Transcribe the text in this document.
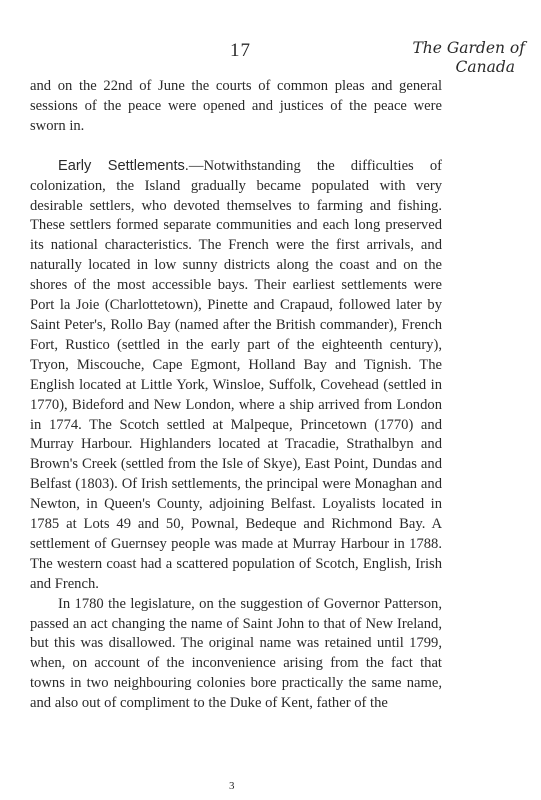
17	The Garden of

Canada

and on the 22nd of June the courts of common pleas and general sessions of the peace were opened and justices of the peace were sworn in.

Early Settlements.—Notwithstanding the difficulties of colonization, the Island gradually became populated with very desirable settlers, who devoted themselves to farming and fishing. These settlers formed separate communities and each long preserved its national characteristics. The French were the first arrivals, and naturally located in low sunny districts along the coast and on the shores of the most accessible bays. Their earliest settlements were Port la Joie (Charlottetown), Pinette and Crapaud, followed later by Saint Peter's, Rollo Bay (named after the British commander), French Fort, Rustico (settled in the early part of the eighteenth century), Tryon, Miscouche, Cape Egmont, Holland Bay and Tignish. The English located at Little York, Winsloe, Suffolk, Covehead (settled in 1770), Bideford and New London, where a ship arrived from London in 1774. The Scotch settled at Malpeque, Princetown (1770) and Murray Harbour. Highlanders located at Tracadie, Strathalbyn and Brown's Creek (settled from the Isle of Skye), East Point, Dundas and Belfast (1803). Of Irish settlements, the principal were Monaghan and Newton, in Queen's County, adjoining Belfast. Loyalists located in 1785 at Lots 49 and 50, Pownal, Bedeque and Richmond Bay. A settlement of Guernsey people was made at Murray Harbour in 1788. The western coast had a scattered population of Scotch, English, Irish and French.

In 1780 the legislature, on the suggestion of Governor Patterson, passed an act changing the name of Saint John to that of New Ireland, but this was disallowed. The original name was retained until 1799, when, on account of the inconvenience arising from the fact that towns in two neighbouring colonies bore practically the same name, and also out of compliment to the Duke of Kent, father of the

3
